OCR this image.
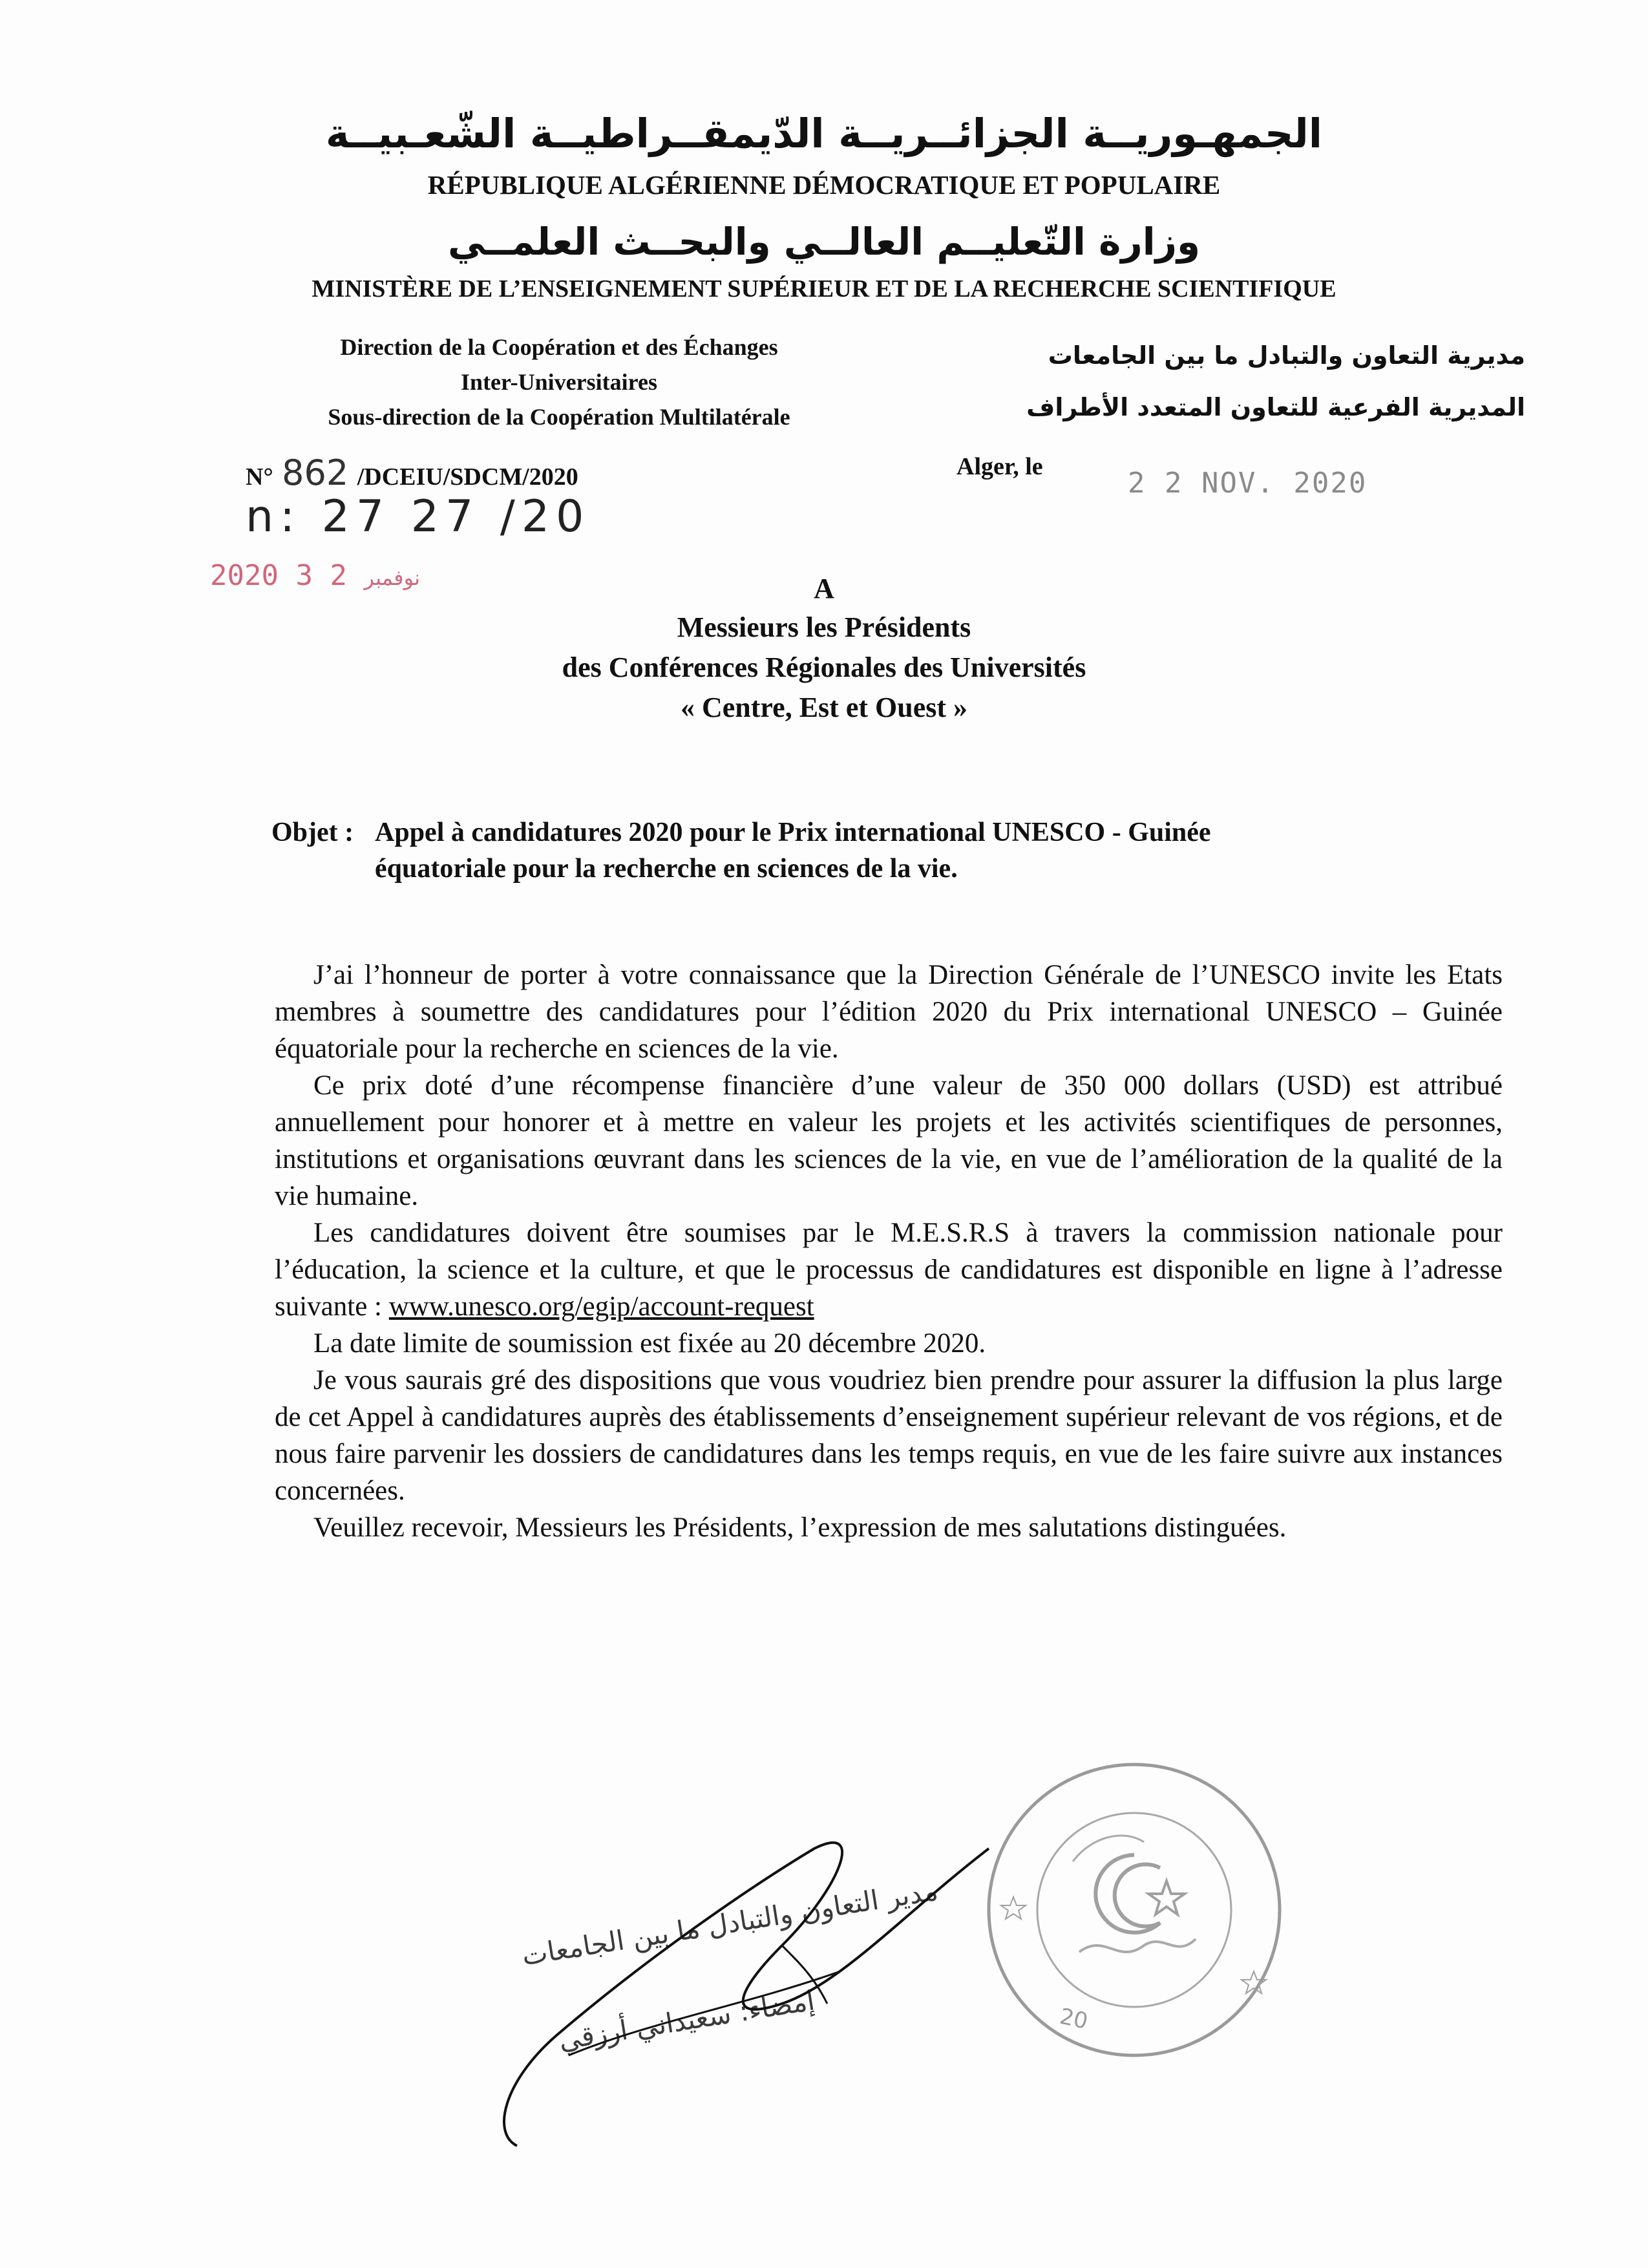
الجمهـوريــة الجزائــريــة الدّيمقــراطيــة الشّعـبيــة
RÉPUBLIQUE ALGÉRIENNE DÉMOCRATIQUE ET POPULAIRE
وزارة التّعليــم العالــي والبحــث العلمــي
MINISTÈRE DE L’ENSEIGNEMENT SUPÉRIEUR ET DE LA RECHERCHE SCIENTIFIQUE
Direction de la Coopération et des Échanges
Inter-Universitaires
Sous-direction de la Coopération Multilatérale
مديرية التعاون والتبادل ما بين الجامعات
المديرية الفرعية للتعاون المتعدد الأطراف
N° 862 /DCEIU/SDCM/2020	Alger, le	2 2 NOV. 2020
n: 27 27 /20
2020	نوفمبر 2 3	A
Messieurs les Présidents
des Conférences Régionales des Universités
« Centre, Est et Ouest »
Objet : Appel à candidatures 2020 pour le Prix international UNESCO - Guinée
équatoriale pour la recherche en sciences de la vie.

J’ai l’honneur de porter à votre connaissance que la Direction Générale de l’UNESCO invite les Etats membres à soumettre des candidatures pour l’édition 2020 du Prix international UNESCO – Guinée équatoriale pour la recherche en sciences de la vie.

Ce prix doté d’une récompense financière d’une valeur de 350 000 dollars (USD) est attribué annuellement pour honorer et à mettre en valeur les projets et les activités scientifiques de personnes, institutions et organisations œuvrant dans les sciences de la vie, en vue de l’amélioration de la qualité de la vie humaine.

Les candidatures doivent être soumises par le M.E.S.R.S à travers la commission nationale pour l’éducation, la science et la culture, et que le processus de candidatures est disponible en ligne à l’adresse suivante : www.unesco.org/egip/account-request

La date limite de soumission est fixée au 20 décembre 2020.

Je vous saurais gré des dispositions que vous voudriez bien prendre pour assurer la diffusion la plus large de cet Appel à candidatures auprès des établissements d’enseignement supérieur relevant de vos régions, et de nous faire parvenir les dossiers de candidatures dans les temps requis, en vue de les faire suivre aux instances concernées.

Veuillez recevoir, Messieurs les Présidents, l’expression de mes salutations distinguées.

مدير التعاون والتبادل ما بين الجامعات
إمضاء: سعيداني أرزقي	20
